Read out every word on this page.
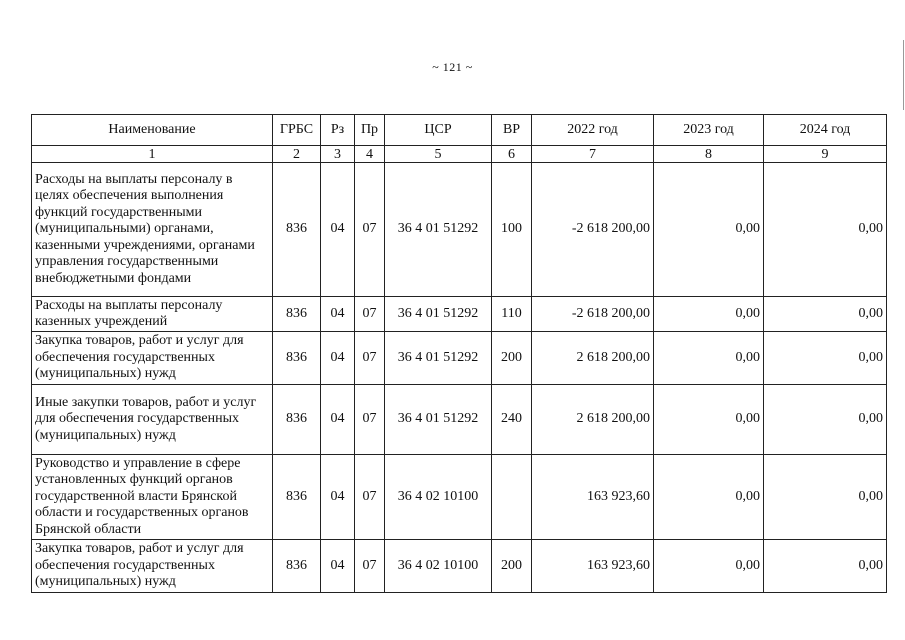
~ 121 ~
Наименование	ГРБС	Рз	Пр	ЦСР	ВР	2022 год	2023 год	2024 год
1	2	3	4	5	6	7	8	9
Расходы на выплаты персоналу в целях обеспечения выполнения функций государственными (муниципальными) органами, казенными учреждениями, органами управления государственными внебюджетными фондами	836	04	07	36 4 01 51292	100	-2 618 200,00	0,00	0,00
Расходы на выплаты персоналу казенных учреждений	836	04	07	36 4 01 51292	110	-2 618 200,00	0,00	0,00
Закупка товаров, работ и услуг для обеспечения государственных (муниципальных) нужд	836	04	07	36 4 01 51292	200	2 618 200,00	0,00	0,00
Иные закупки товаров, работ и услуг для обеспечения государственных (муниципальных) нужд	836	04	07	36 4 01 51292	240	2 618 200,00	0,00	0,00
Руководство и управление в сфере установленных функций органов государственной власти Брянской области и государственных органов Брянской области	836	04	07	36 4 02 10100		163 923,60	0,00	0,00
Закупка товаров, работ и услуг для обеспечения государственных (муниципальных) нужд	836	04	07	36 4 02 10100	200	163 923,60	0,00	0,00
